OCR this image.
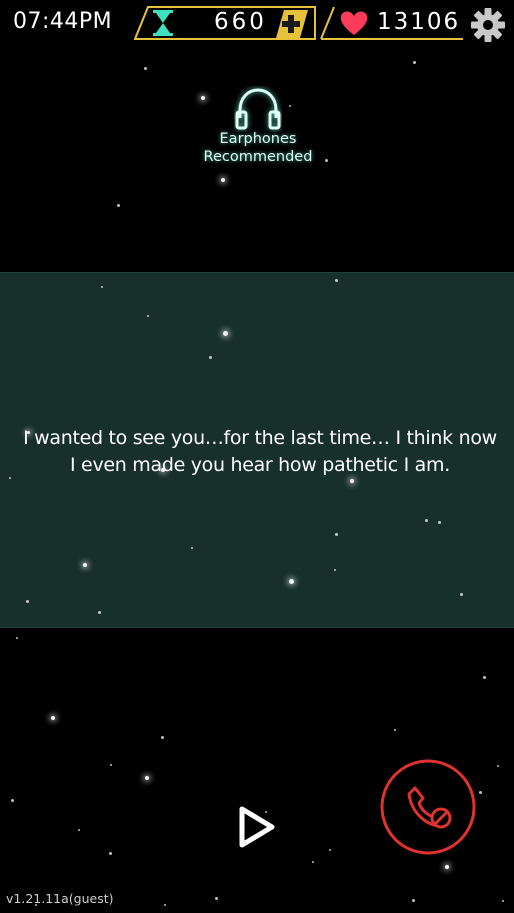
07:44PM	660	13106
Earphones
Recommended
I wanted to see you…for the last time… I think now I even made you hear how pathetic I am.
v1.21.11a(guest)
